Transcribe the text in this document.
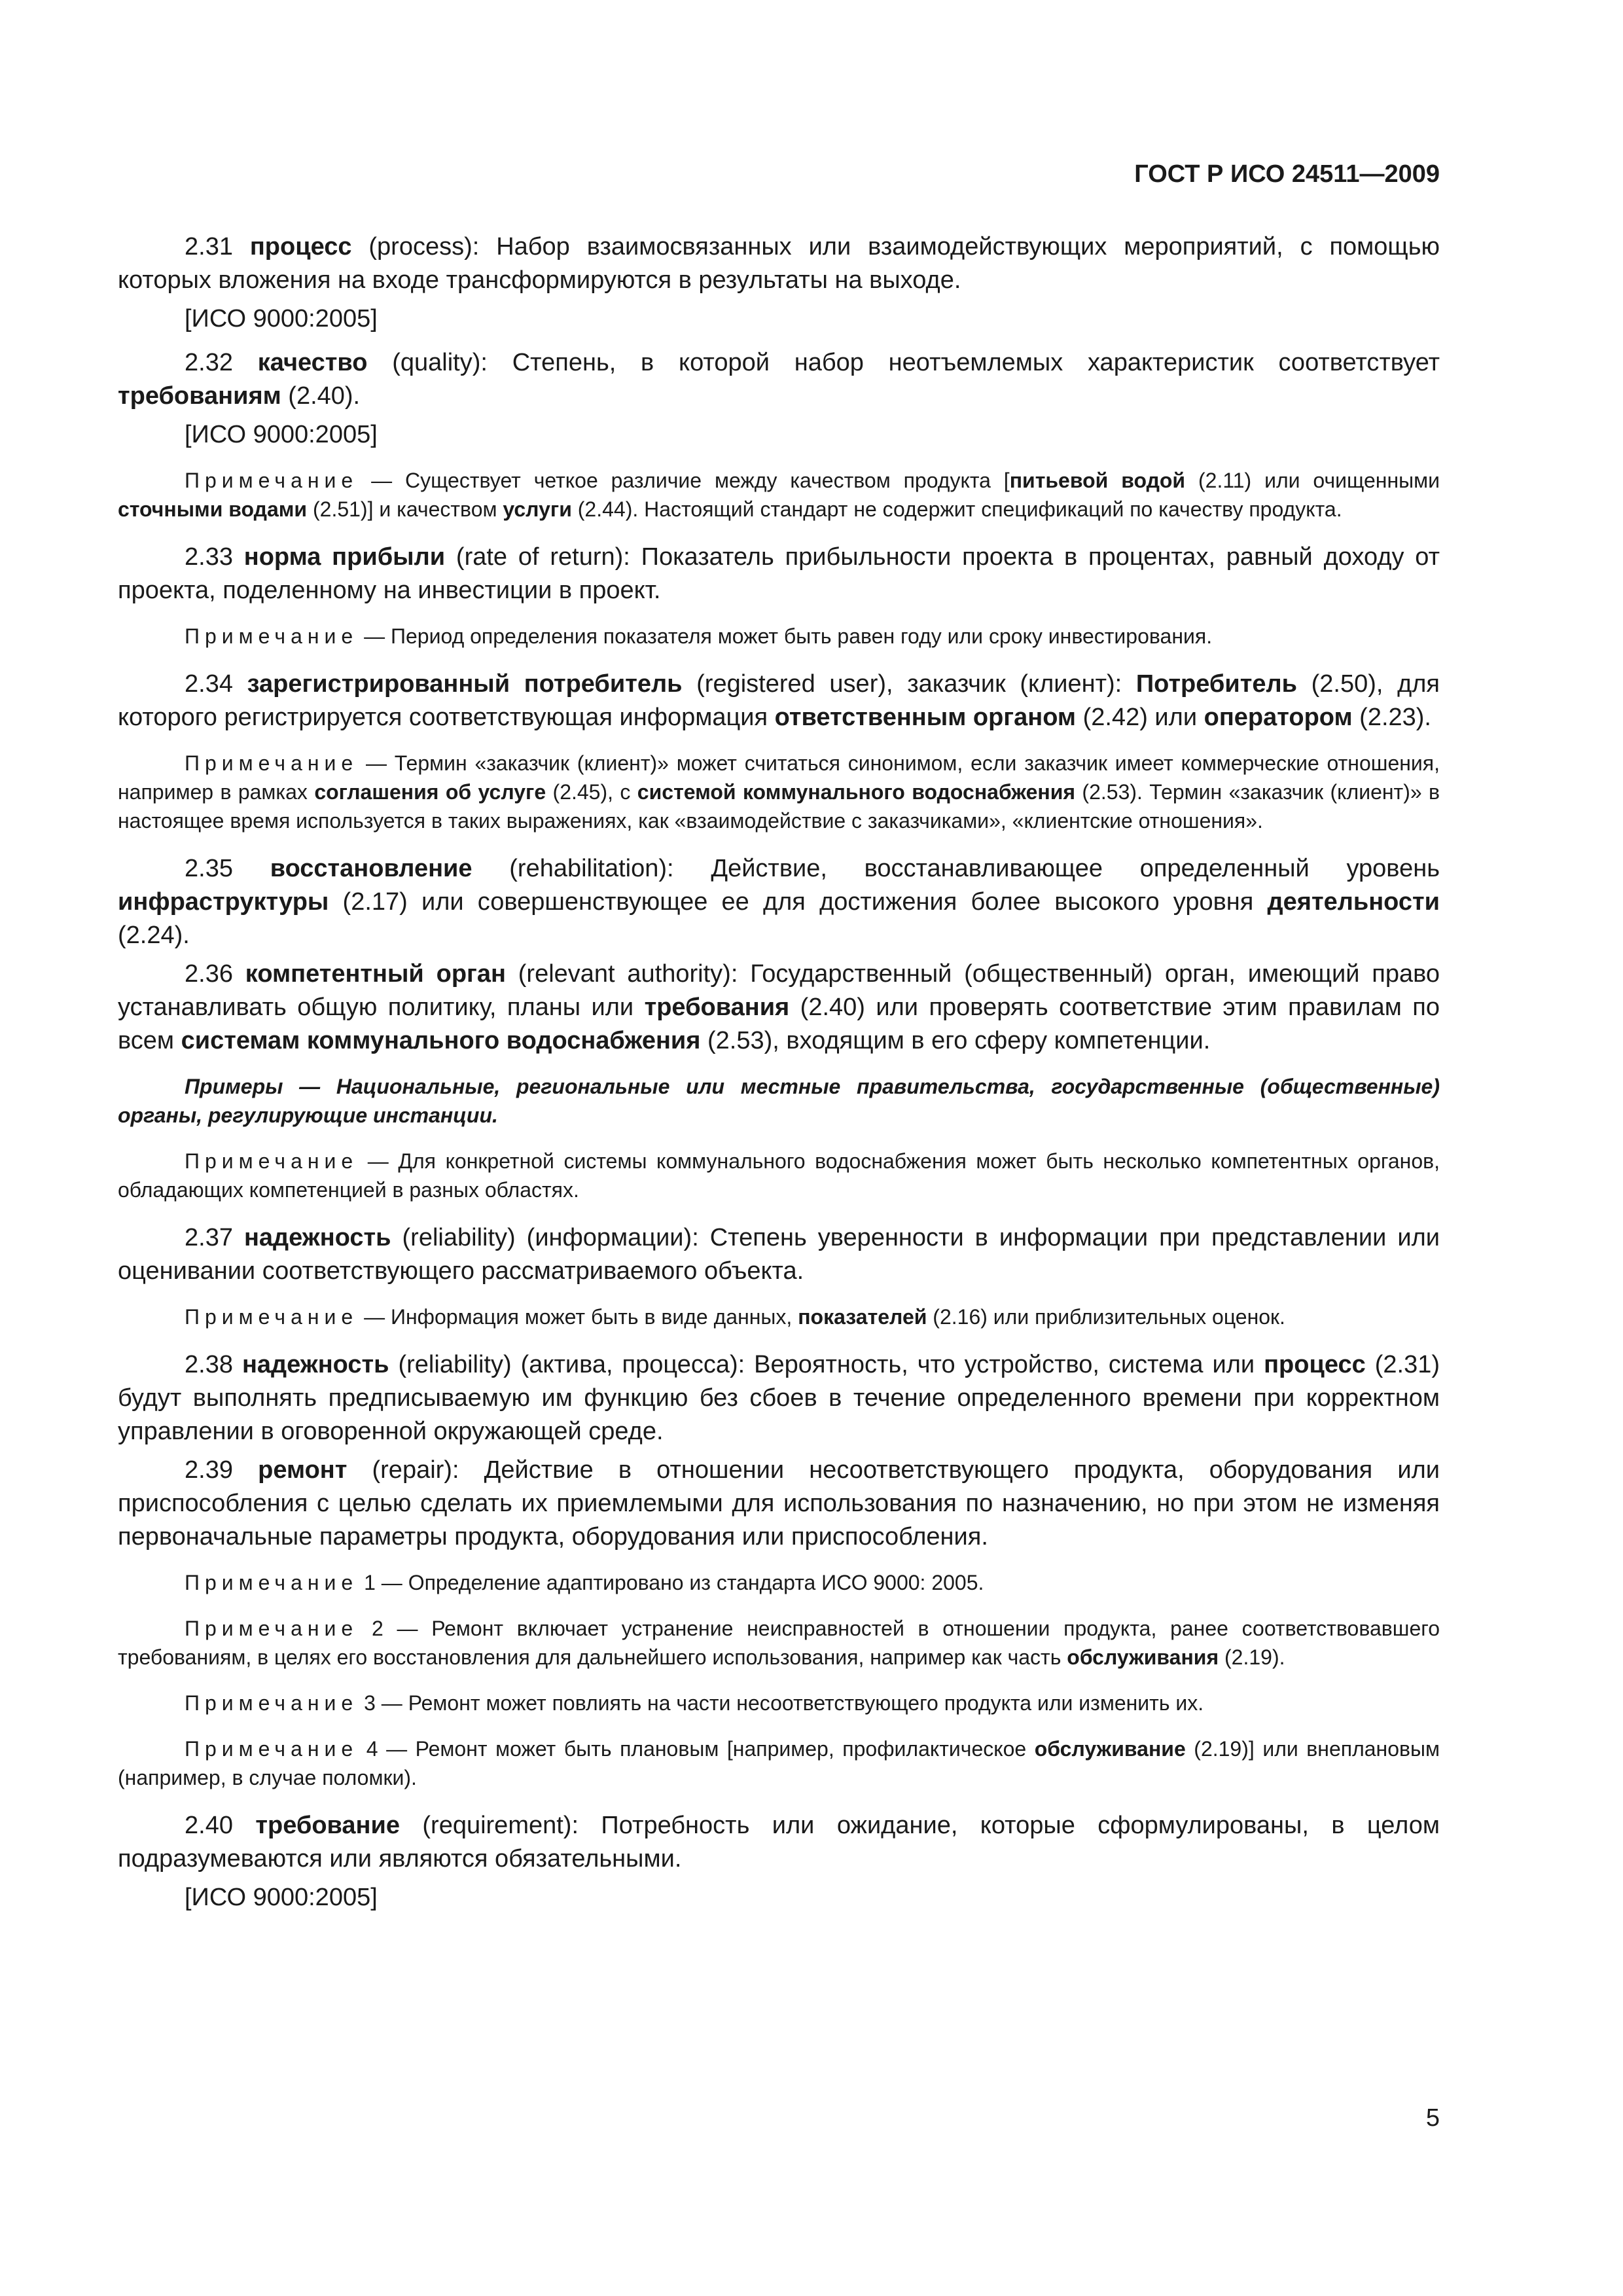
ГОСТ Р ИСО 24511—2009

2.31 процесс (process): Набор взаимосвязанных или взаимодействующих мероприятий, с помощью которых вложения на входе трансформируются в результаты на выходе.

[ИСО 9000:2005]

2.32 качество (quality): Степень, в которой набор неотъемлемых характеристик соответствует требованиям (2.40).

[ИСО 9000:2005]

Примечание — Существует четкое различие между качеством продукта [питьевой водой (2.11) или очищенными сточными водами (2.51)] и качеством услуги (2.44). Настоящий стандарт не содержит спецификаций по качеству продукта.

2.33 норма прибыли (rate of return): Показатель прибыльности проекта в процентах, равный доходу от проекта, поделенному на инвестиции в проект.

Примечание — Период определения показателя может быть равен году или сроку инвестирования.

2.34 зарегистрированный потребитель (registered user), заказчик (клиент): Потребитель (2.50), для которого регистрируется соответствующая информация ответственным органом (2.42) или оператором (2.23).

Примечание — Термин «заказчик (клиент)» может считаться синонимом, если заказчик имеет коммерческие отношения, например в рамках соглашения об услуге (2.45), с системой коммунального водоснабжения (2.53). Термин «заказчик (клиент)» в настоящее время используется в таких выражениях, как «взаимодействие с заказчиками», «клиентские отношения».

2.35 восстановление (rehabilitation): Действие, восстанавливающее определенный уровень инфраструктуры (2.17) или совершенствующее ее для достижения более высокого уровня деятельности (2.24).

2.36 компетентный орган (relevant authority): Государственный (общественный) орган, имеющий право устанавливать общую политику, планы или требования (2.40) или проверять соответствие этим правилам по всем системам коммунального водоснабжения (2.53), входящим в его сферу компетенции.

Примеры — Национальные, региональные или местные правительства, государственные (общественные) органы, регулирующие инстанции.

Примечание — Для конкретной системы коммунального водоснабжения может быть несколько компетентных органов, обладающих компетенцией в разных областях.

2.37 надежность (reliability) (информации): Степень уверенности в информации при представлении или оценивании соответствующего рассматриваемого объекта.

Примечание — Информация может быть в виде данных, показателей (2.16) или приблизительных оценок.

2.38 надежность (reliability) (актива, процесса): Вероятность, что устройство, система или процесс (2.31) будут выполнять предписываемую им функцию без сбоев в течение определенного времени при корректном управлении в оговоренной окружающей среде.

2.39 ремонт (repair): Действие в отношении несоответствующего продукта, оборудования или приспособления с целью сделать их приемлемыми для использования по назначению, но при этом не изменяя первоначальные параметры продукта, оборудования или приспособления.

Примечание 1 — Определение адаптировано из стандарта ИСО 9000: 2005.

Примечание 2 — Ремонт включает устранение неисправностей в отношении продукта, ранее соответствовавшего требованиям, в целях его восстановления для дальнейшего использования, например как часть обслуживания (2.19).

Примечание 3 — Ремонт может повлиять на части несоответствующего продукта или изменить их.

Примечание 4 — Ремонт может быть плановым [например, профилактическое обслуживание (2.19)] или внеплановым (например, в случае поломки).

2.40 требование (requirement): Потребность или ожидание, которые сформулированы, в целом подразумеваются или являются обязательными.

[ИСО 9000:2005]

5
